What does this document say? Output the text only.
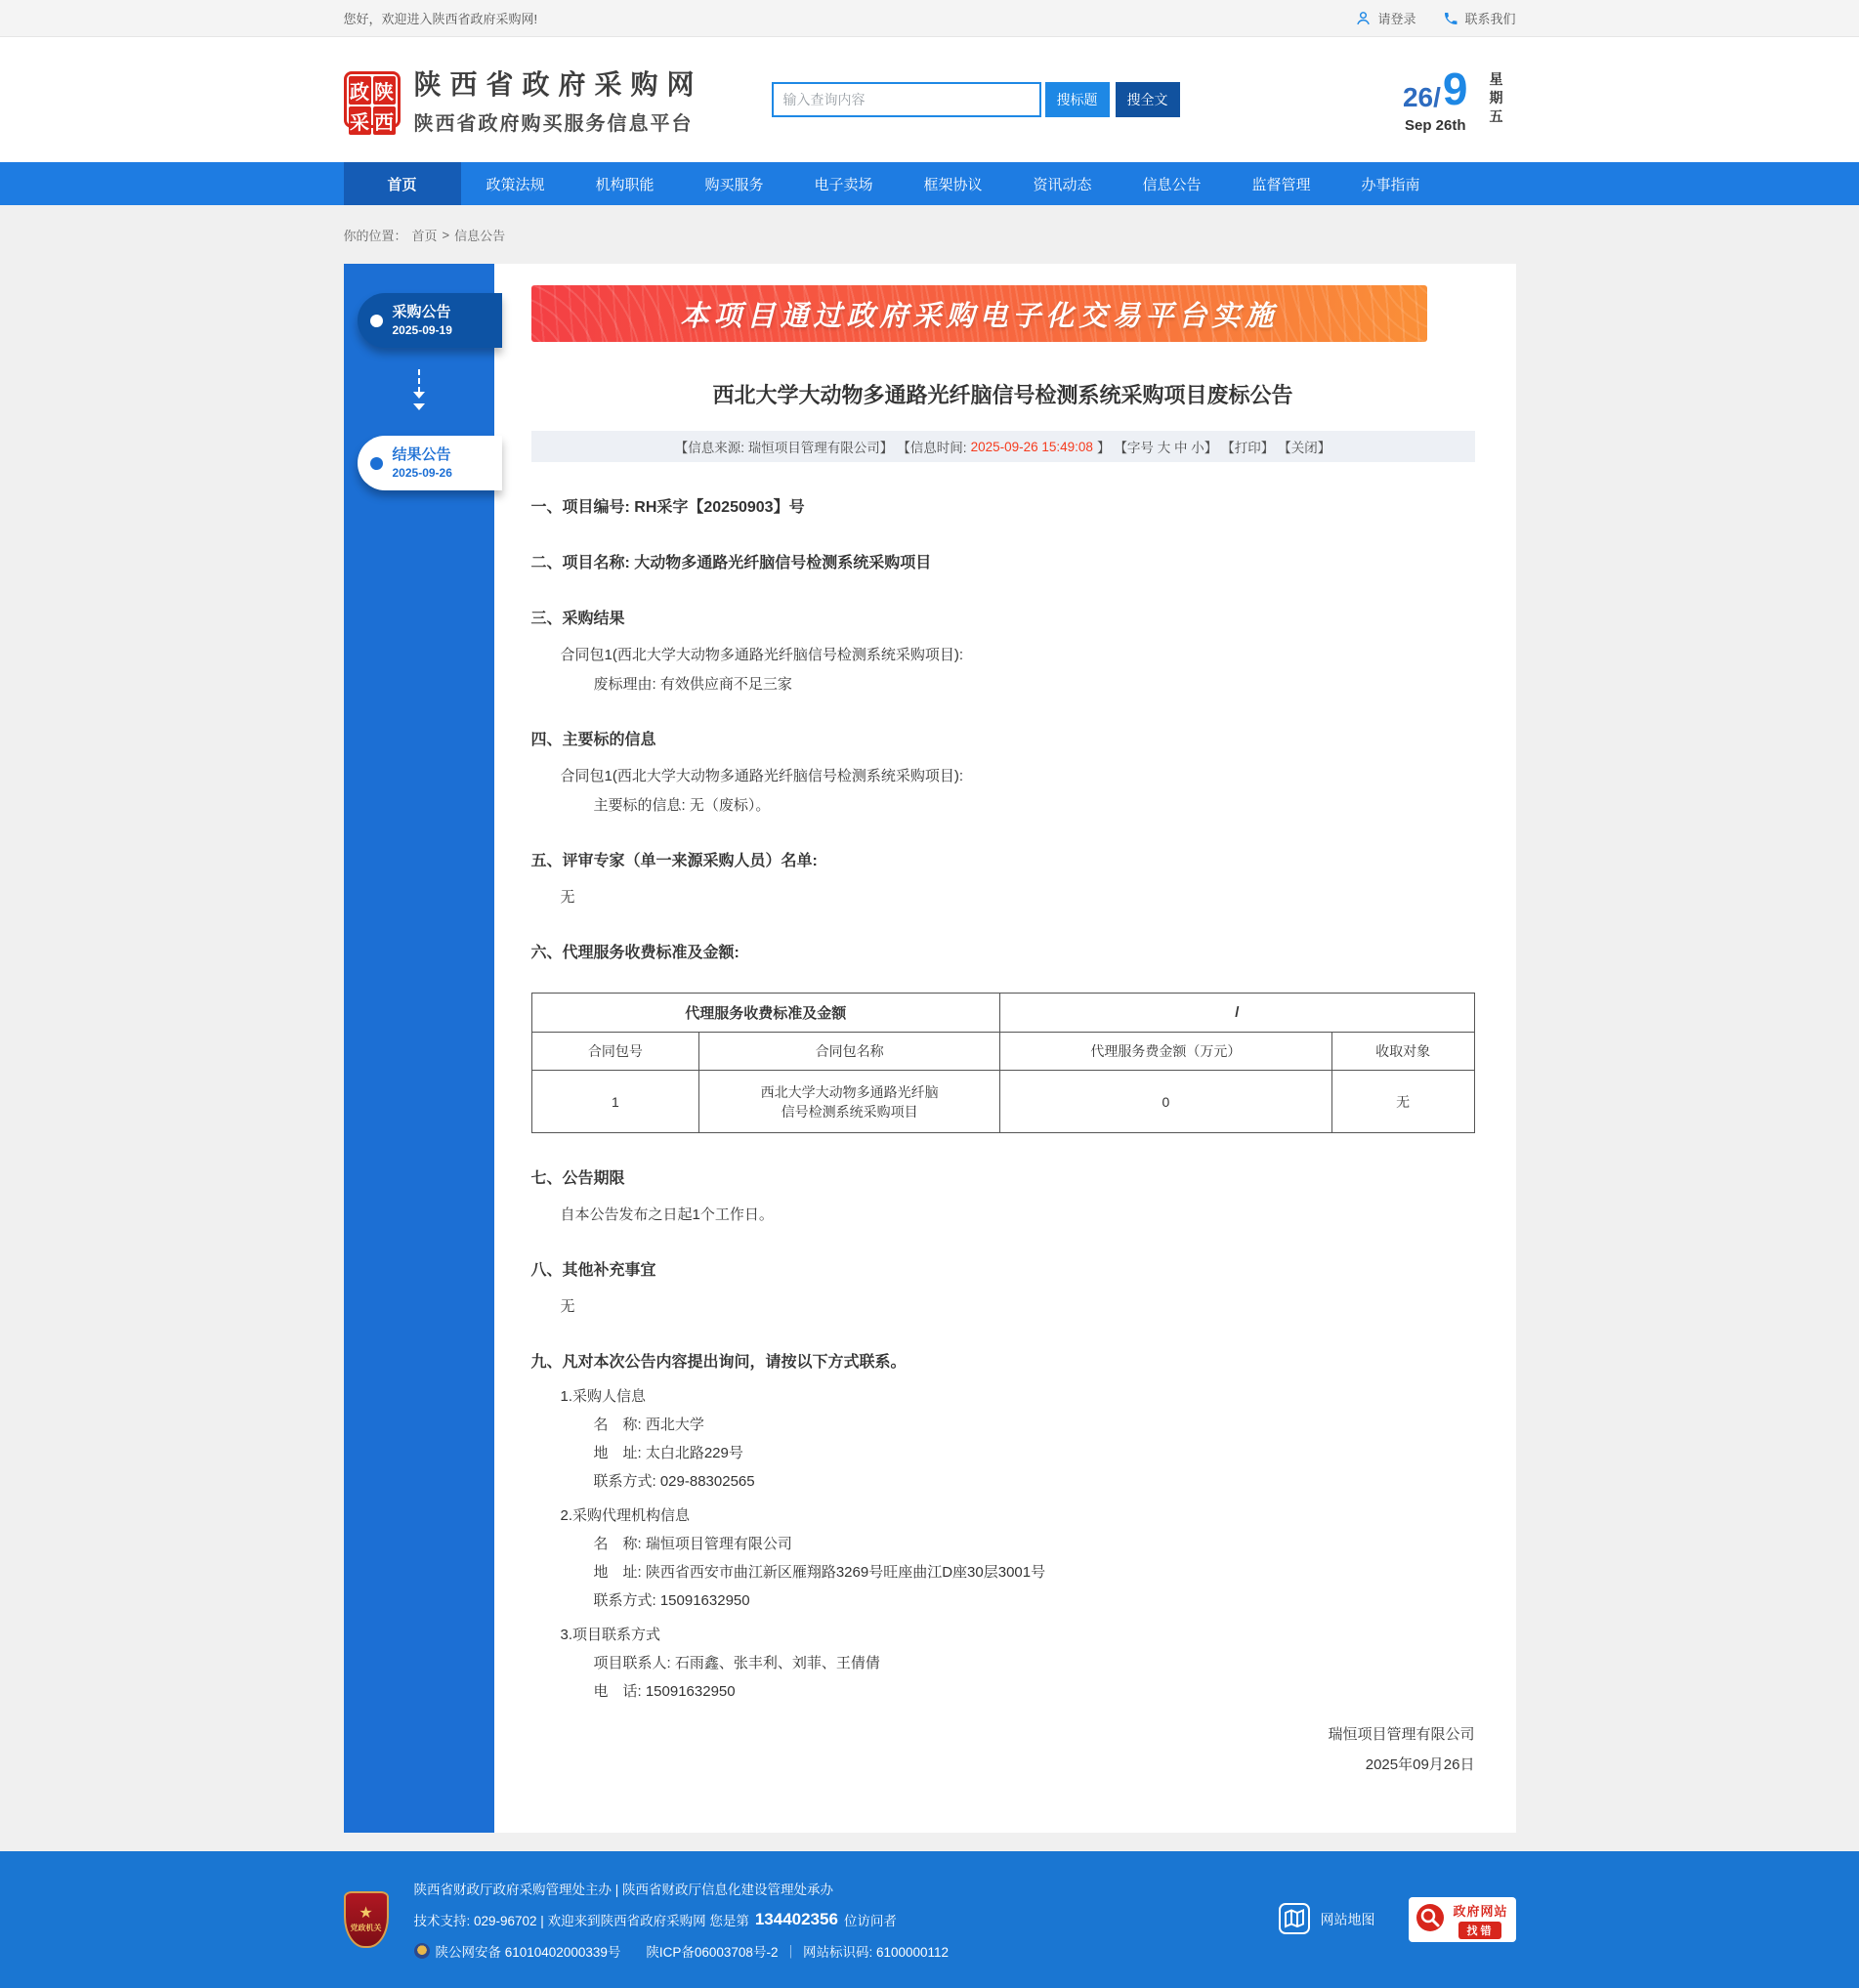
您好，欢迎进入陕西省政府采购网!	请登录	联系我们
政 陕
采 西
陕西省政府采购网
陕西省政府购买服务信息平台
输入查询内容
搜标题	搜全文	26 / 9
Sep 26th
星期五
首页	政策法规	机构职能	购买服务	电子卖场	框架协议	资讯动态	信息公告	监督管理	办事指南
你的位置： 首页 > 信息公告
采购公告
2025-09-19
结果公告
2025-09-26
本项目通过政府采购电子化交易平台实施
西北大学大动物多通路光纤脑信号检测系统采购项目废标公告
【信息来源: 瑞恒项目管理有限公司】 【信息时间: 2025-09-26 15:49:08 】 【字号 大 中 小】 【打印】 【关闭】
一、项目编号: RH采字【20250903】号
二、项目名称: 大动物多通路光纤脑信号检测系统采购项目
三、采购结果
合同包1(西北大学大动物多通路光纤脑信号检测系统采购项目):
废标理由: 有效供应商不足三家
四、主要标的信息
合同包1(西北大学大动物多通路光纤脑信号检测系统采购项目):
主要标的信息: 无（废标）。
五、评审专家（单一来源采购人员）名单:
无
六、代理服务收费标准及金额:
代理服务收费标准及金额		/	
合同包号	合同包名称	代理服务费金额（万元）	收取对象
1	西北大学大动物多通路光纤脑信号检测系统采购项目	0	无
七、公告期限
自本公告发布之日起1个工作日。
八、其他补充事宜
无
九、凡对本次公告内容提出询问，请按以下方式联系。
1.采购人信息
名　称: 西北大学
地　址: 太白北路229号
联系方式: 029-88302565
2.采购代理机构信息
名　称: 瑞恒项目管理有限公司
地　址: 陕西省西安市曲江新区雁翔路3269号旺座曲江D座30层3001号
联系方式: 15091632950
3.项目联系方式
项目联系人: 石雨鑫、张丰利、刘菲、王倩倩
电　话: 15091632950
瑞恒项目管理有限公司
2025年09月26日
★
党政机关
陕西省财政厅政府采购管理处主办 | 陕西省财政厅信息化建设管理处承办
技术支持: 029-96702 | 欢迎来到陕西省政府采购网 您是第 134402356 位访问者
陕公网安备 61010402000339号 陕ICP备06003708号-2 ｜ 网站标识码: 6100000112
网站地图
政府网站
找错
